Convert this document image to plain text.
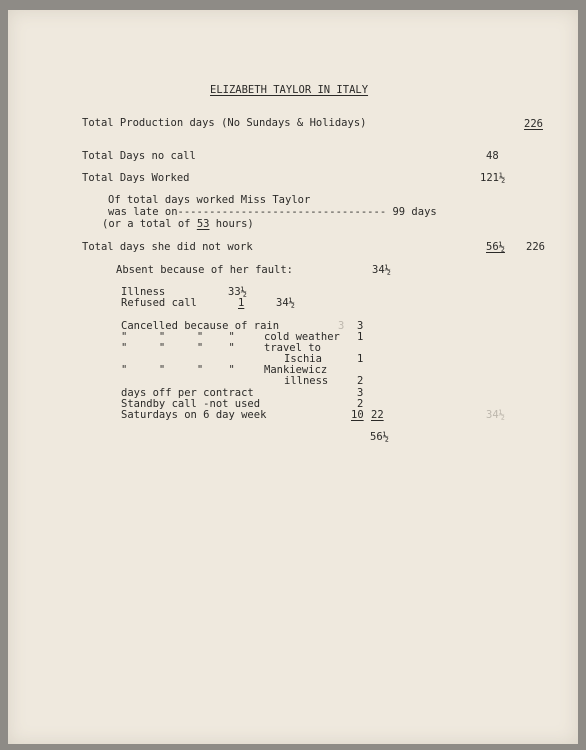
ELIZABETH TAYLOR IN ITALY
Total Production days (No Sundays & Holidays)	226
Total Days no call	48
Total Days Worked	121½
Of total days worked Miss Taylor
was late on--------------------------------- 99 days
(or a total of 53 hours)
Total days she did not work	56½ 226
Absent because of her fault:	34½
Illness	33½
Refused call	1	34½
Cancelled because of rain	3 3
"     "     "    "	cold weather 1
"     "     "    "	travel to
Ischia	1
"     "     "    "	Mankiewicz
illness	2
days off per contract	3
Standby call -not used	2
Saturdays on 6 day week	10 22	34½
56½
